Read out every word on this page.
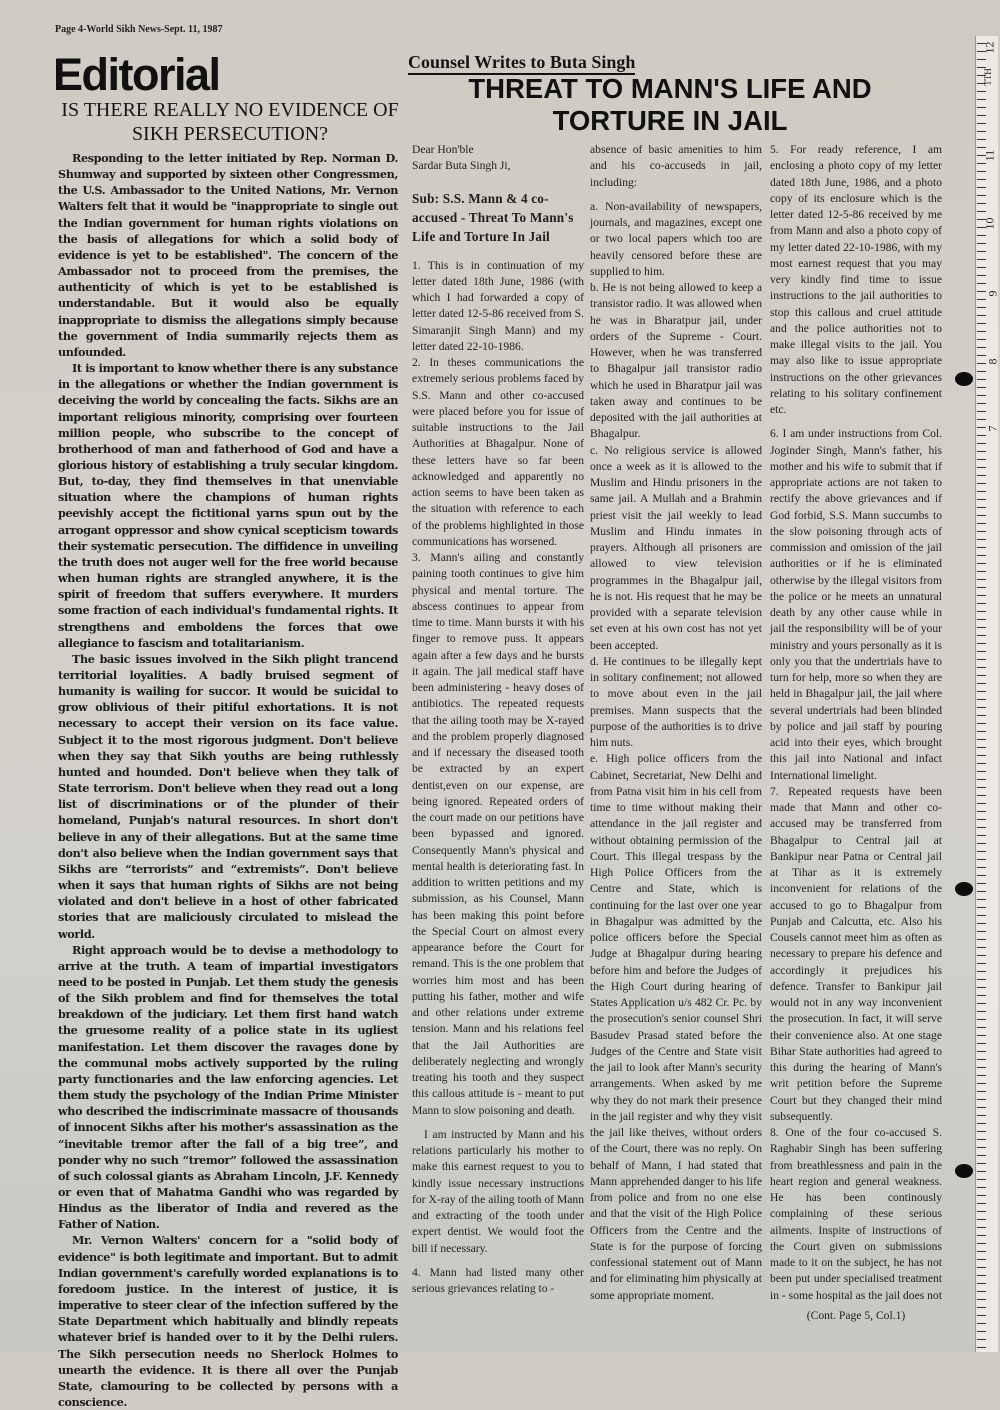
Page 4-World Sikh News-Sept. 11, 1987
Editorial
IS THERE REALLY NO EVIDENCE OF
SIKH PERSECUTION?

Responding to the letter initiated by Rep. Norman D. Shumway and supported by sixteen other Congressmen, the U.S. Ambassador to the United Nations, Mr. Vernon Walters felt that it would be "inappropriate to single out the Indian government for human rights violations on the basis of allegations for which a solid body of evidence is yet to be established". The concern of the Ambassador not to proceed from the premises, the authenticity of which is yet to be established is understandable. But it would also be equally inappropriate to dismiss the allegations simply because the government of India summarily rejects them as unfounded.

It is important to know whether there is any substance in the allegations or whether the Indian government is deceiving the world by concealing the facts. Sikhs are an important religious minority, comprising over fourteen million people, who subscribe to the concept of brotherhood of man and fatherhood of God and have a glorious history of establishing a truly secular kingdom. But, to-day, they find themselves in that unenviable situation where the champions of human rights peevishly accept the fictitional yarns spun out by the arrogant oppressor and show cynical scepticism towards their systematic persecution. The diffidence in unveiling the truth does not auger well for the free world because when human rights are strangled anywhere, it is the spirit of freedom that suffers everywhere. It murders some fraction of each individual's fundamental rights. It strengthens and emboldens the forces that owe allegiance to fascism and totalitarianism.

The basic issues involved in the Sikh plight trancend territorial loyalities. A badly bruised segment of humanity is wailing for succor. It would be suicidal to grow oblivious of their pitiful exhortations. It is not necessary to accept their version on its face value. Subject it to the most rigorous judgment. Don't believe when they say that Sikh youths are being ruthlessly hunted and hounded. Don't believe when they talk of State terrorism. Don't believe when they read out a long list of discriminations or of the plunder of their homeland, Punjab's natural resources. In short don't believe in any of their allegations. But at the same time don't also believe when the Indian government says that Sikhs are “terrorists” and “extremists”. Don't believe when it says that human rights of Sikhs are not being violated and don't believe in a host of other fabricated stories that are maliciously circulated to mislead the world.

Right approach would be to devise a methodology to arrive at the truth. A team of impartial investigators need to be posted in Punjab. Let them study the genesis of the Sikh problem and find for themselves the total breakdown of the judiciary. Let them first hand watch the gruesome reality of a police state in its ugliest manifestation. Let them discover the ravages done by the communal mobs actively supported by the ruling party functionaries and the law enforcing agencies. Let them study the psychology of the Indian Prime Minister who described the indiscriminate massacre of thousands of innocent Sikhs after his mother's assassination as the “inevitable tremor after the fall of a big tree”, and ponder why no such “tremor” followed the assassination of such colossal giants as Abraham Lincoln, J.F. Kennedy or even that of Mahatma Gandhi who was regarded by Hindus as the liberator of India and revered as the Father of Nation.

Mr. Vernon Walters' concern for a "solid body of evidence" is both legitimate and important. But to admit Indian government's carefully worded explanations is to foredoom justice. In the interest of justice, it is imperative to steer clear of the infection suffered by the State Department which habitually and blindly repeats whatever brief is handed over to it by the Delhi rulers. The Sikh persecution needs no Sherlock Holmes to unearth the evidence. It is there all over the Punjab State, clamouring to be collected by persons with a conscience.

Counsel Writes to Buta Singh
THREAT TO MANN'S LIFE AND
TORTURE IN JAIL

Dear Hon'ble

Sardar Buta Singh Ji,

Sub: S.S. Mann & 4 co-accused - Threat To Mann's Life and Torture In Jail

1. This is in continuation of my letter dated 18th June, 1986 (with which I had forwarded a copy of letter dated 12-5-86 received from S. Simaranjit Singh Mann) and my letter dated 22-10-1986.

2. In theses communications the extremely serious problems faced by S.S. Mann and other co-accused were placed before you for issue of suitable instructions to the Jail Authorities at Bhagalpur. None of these letters have so far been acknowledged and apparently no action seems to have been taken as the situation with reference to each of the problems highlighted in those communications has worsened.

3. Mann's ailing and constantly paining tooth continues to give him physical and mental torture. The abscess continues to appear from time to time. Mann bursts it with his finger to remove puss. It appears again after a few days and he bursts it again. The jail medical staff have been administering - heavy doses of antibiotics. The repeated requests that the ailing tooth may be X-rayed and the problem properly diagnosed and if necessary the diseased tooth be extracted by an expert dentist,even on our expense, are being ignored. Repeated orders of the court made on our petitions have been bypassed and ignored. Consequently Mann's physical and mental health is deteriorating fast. In addition to written petitions and my submission, as his Counsel, Mann has been making this point before the Special Court on almost every appearance before the Court for remand. This is the one problem that worries him most and has been putting his father, mother and wife and other relations under extreme tension. Mann and his relations feel that the Jail Authorities are deliberately neglecting and wrongly treating his tooth and they suspect this callous attitude is - meant to put Mann to slow poisoning and death.

I am instructed by Mann and his relations particularly his mother to make this earnest request to you to kindly issue necessary instructions for X-ray of the ailing tooth of Mann and extracting of the tooth under expert dentist. We would foot the bill if necessary.

4. Mann had listed many other serious grievances relating to -

absence of basic amenities to him and his co-accuseds in jail, including:

a. Non-availability of newspapers, journals, and magazines, except one or two local papers which too are heavily censored before these are supplied to him.

b. He is not being allowed to keep a transistor radio. It was allowed when he was in Bharatpur jail, under orders of the Supreme - Court. However, when he was transferred to Bhagalpur jail transistor radio which he used in Bharatpur jail was taken away and continues to be deposited with the jail authorities at Bhagalpur.

c. No religious service is allowed once a week as it is allowed to the Muslim and Hindu prisoners in the same jail. A Mullah and a Brahmin priest visit the jail weekly to lead Muslim and Hindu inmates in prayers. Although all prisoners are allowed to view television programmes in the Bhagalpur jail, he is not. His request that he may be provided with a separate television set even at his own cost has not yet been accepted.

d. He continues to be illegally kept in solitary confinement; not allowed to move about even in the jail premises. Mann suspects that the purpose of the authorities is to drive him nuts.

e. High police officers from the Cabinet, Secretariat, New Delhi and from Patna visit him in his cell from time to time without making their attendance in the jail register and without obtaining permission of the Court. This illegal trespass by the High Police Officers from the Centre and State, which is continuing for the last over one year in Bhagalpur was admitted by the police officers before the Special Judge at Bhagalpur during hearing before him and before the Judges of the High Court during hearing of States Application u/s 482 Cr. Pc. by the prosecution's senior counsel Shri Basudev Prasad stated before the Judges of the Centre and State visit the jail to look after Mann's security arrangements. When asked by me why they do not mark their presence in the jail register and why they visit the jail like theives, without orders of the Court, there was no reply. On behalf of Mann, I had stated that Mann apprehended danger to his life from police and from no one else and that the visit of the High Police Officers from the Centre and the State is for the purpose of forcing confessional statement out of Mann and for eliminating him physically at some appropriate moment.

5. For ready reference, I am enclosing a photo copy of my letter dated 18th June, 1986, and a photo copy of its enclosure which is the letter dated 12-5-86 received by me from Mann and also a photo copy of my letter dated 22-10-1986, with my most earnest request that you may very kindly find time to issue instructions to the jail authorities to stop this callous and cruel attitude and the police authorities not to make illegal visits to the jail. You may also like to issue appropriate instructions on the other grievances relating to his solitary confinement etc.

6. I am under instructions from Col. Joginder Singh, Mann's father, his mother and his wife to submit that if appropriate actions are not taken to rectify the above grievances and if God forbid, S.S. Mann succumbs to the slow poisoning through acts of commission and omission of the jail authorities or if he is eliminated otherwise by the illegal visitors from the police or he meets an unnatural death by any other cause while in jail the responsibility will be of your ministry and yours personally as it is only you that the undertrials have to turn for help, more so when they are held in Bhagalpur jail, the jail where several undertrials had been blinded by police and jail staff by pouring acid into their eyes, which brought this jail into National and infact International limelight.

7. Repeated requests have been made that Mann and other co-accused may be transferred from Bhagalpur to Central jail at Bankipur near Patna or Central jail at Tihar as it is extremely inconvenient for relations of the accused to go to Bhagalpur from Punjab and Calcutta, etc. Also his Cousels cannot meet him as often as necessary to prepare his defence and accordingly it prejudices his defence. Transfer to Bankipur jail would not in any way inconvenient the prosecution. In fact, it will serve their convenience also. At one stage Bihar State authorities had agreed to this during the hearing of Mann's writ petition before the Supreme Court but they changed their mind subsequently.

8. One of the four co-accused S. Raghabir Singh has been suffering from breathlessness and pain in the heart region and general weakness. He has been continously complaining of these serious ailments. Inspite of instructions of the Court given on submissions made to it on the subject, he has not been put under specialised treatment in - some hospital as the jail does not

(Cont. Page 5, Col.1)

12
TTH
11
10
9
8
7
